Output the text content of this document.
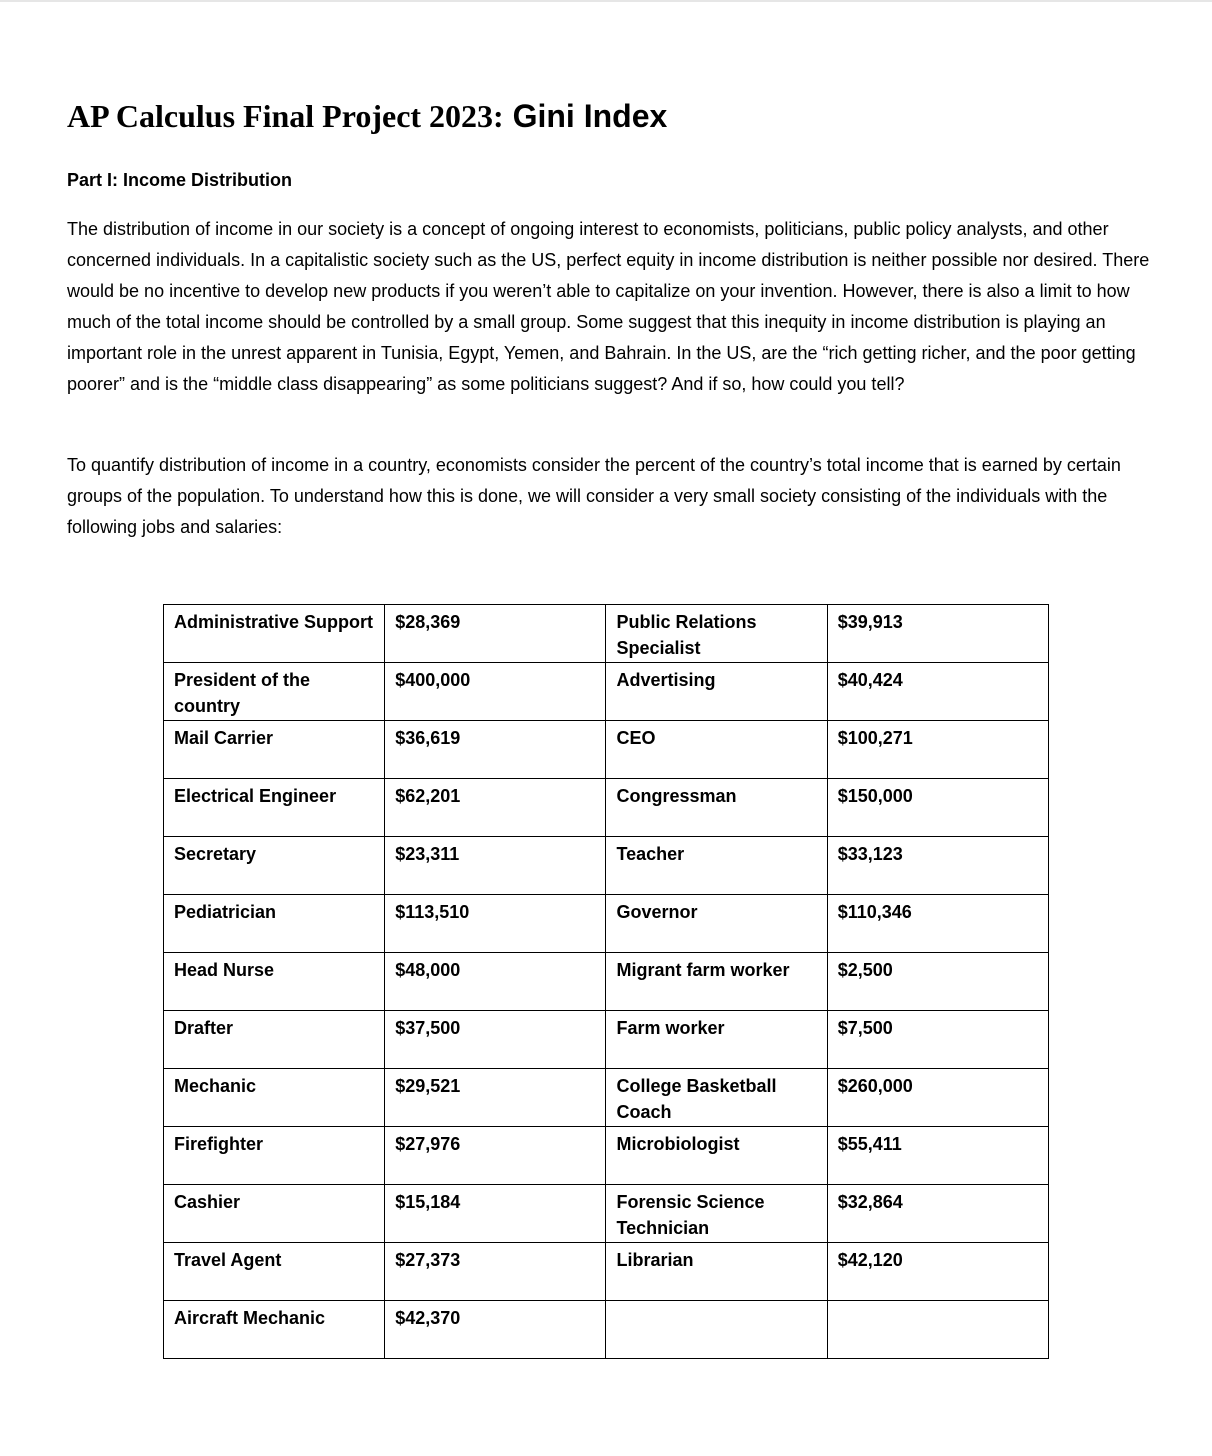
AP Calculus Final Project 2023: Gini Index
Part I: Income Distribution

The distribution of income in our society is a concept of ongoing interest to economists, politicians, public policy analysts, and other concerned individuals. In a capitalistic society such as the US, perfect equity in income distribution is neither possible nor desired. There would be no incentive to develop new products if you weren’t able to capitalize on your invention. However, there is also a limit to how much of the total income should be controlled by a small group. Some suggest that this inequity in income distribution is playing an important role in the unrest apparent in Tunisia, Egypt, Yemen, and Bahrain. In the US, are the “rich getting richer, and the poor getting poorer” and is the “middle class disappearing” as some politicians suggest? And if so, how could you tell?

To quantify distribution of income in a country, economists consider the percent of the country’s total income that is earned by certain groups of the population. To understand how this is done, we will consider a very small society consisting of the individuals with the following jobs and salaries:

Administrative Support	$28,369	Public Relations Specialist	$39,913
President of the country	$400,000	Advertising	$40,424
Mail Carrier	$36,619	CEO	$100,271
Electrical Engineer	$62,201	Congressman	$150,000
Secretary	$23,311	Teacher	$33,123
Pediatrician	$113,510	Governor	$110,346
Head Nurse	$48,000	Migrant farm worker	$2,500
Drafter	$37,500	Farm worker	$7,500
Mechanic	$29,521	College Basketball Coach	$260,000
Firefighter	$27,976	Microbiologist	$55,411
Cashier	$15,184	Forensic Science Technician	$32,864
Travel Agent	$27,373	Librarian	$42,120
Aircraft Mechanic	$42,370		
